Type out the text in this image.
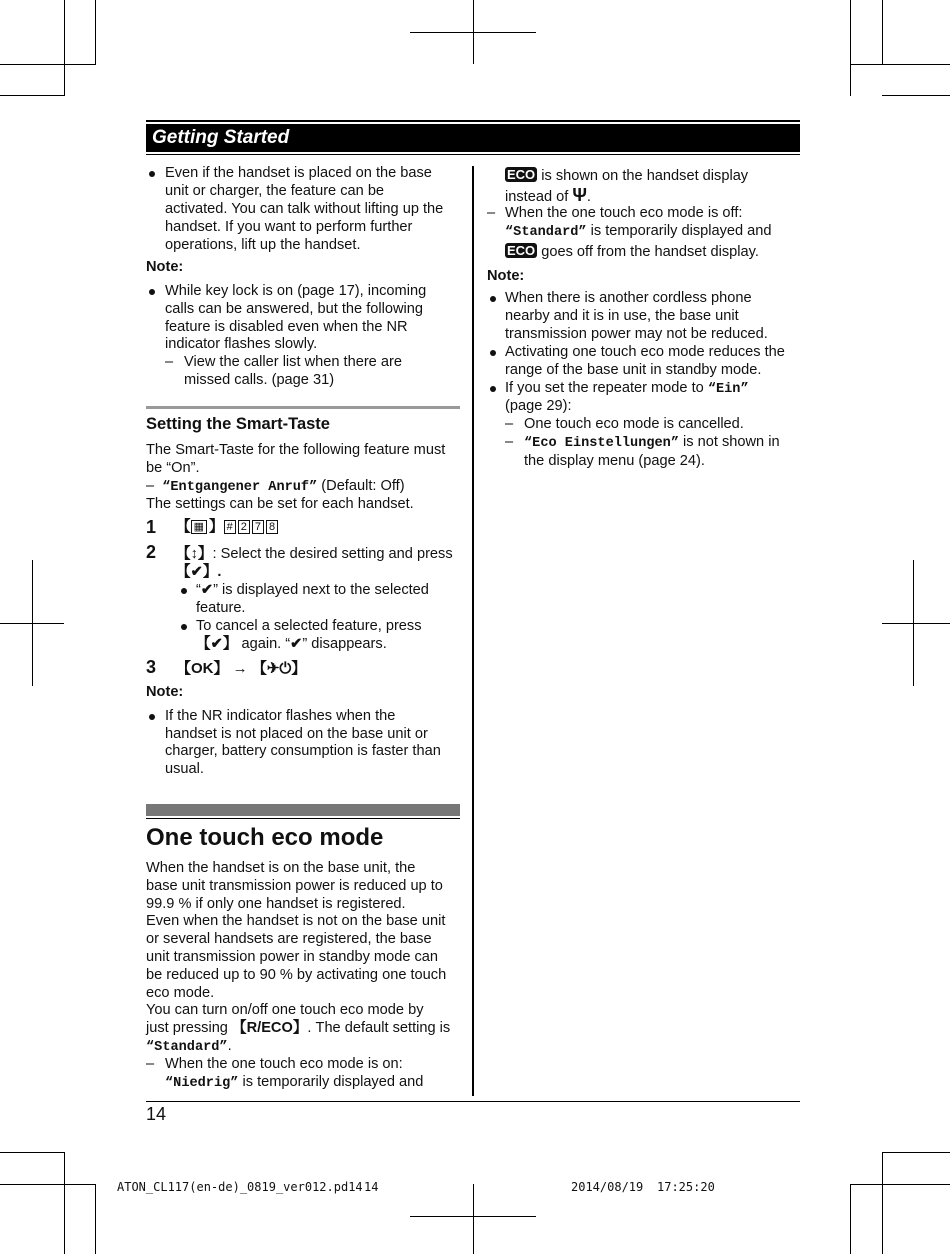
Getting Started
Even if the handset is placed on the base
unit or charger, the feature can be
activated. You can talk without lifting up the
handset. If you want to perform further
operations, lift up the handset.
Note:
While key lock is on (page 17), incoming
calls can be answered, but the following
feature is disabled even when the NR
indicator flashes slowly.
– View the caller list when there are
missed calls. (page 31)
Setting the Smart-Taste
The Smart-Taste for the following feature must
be “On”.
–  “Entgangener Anruf” (Default: Off)
The settings can be set for each handset.
1 【 ▦ 】 # 2 7 8
2 【↕】: Select the desired setting and press
【✔】.
“✔” is displayed next to the selected
feature.
To cancel a selected feature, press
【✔】 again. “✔” disappears.
3 【OK】 → 【✈⏻】
Note:
If the NR indicator flashes when the
handset is not placed on the base unit or
charger, battery consumption is faster than
usual.
One touch eco mode
When the handset is on the base unit, the
base unit transmission power is reduced up to
99.9 % if only one handset is registered.
Even when the handset is not on the base unit
or several handsets are registered, the base
unit transmission power in standby mode can
be reduced up to 90 % by activating one touch
eco mode.
You can turn on/off one touch eco mode by
just pressing 【R/ECO】. The default setting is
“Standard”.
– When the one touch eco mode is on:
“Niedrig” is temporarily displayed and
ECO is shown on the handset display
instead of Ψ.
– When the one touch eco mode is off:
“Standard” is temporarily displayed and
ECO goes off from the handset display.
Note:
When there is another cordless phone
nearby and it is in use, the base unit
transmission power may not be reduced.
Activating one touch eco mode reduces the
range of the base unit in standby mode.
If you set the repeater mode to “Ein”
(page 29):
– One touch eco mode is cancelled.
– “Eco Einstellungen” is not shown in
the display menu (page 24).
14
ATON_CL117(en-de)_0819_ver012.pd14 14	2014/08/19 17:25:20
